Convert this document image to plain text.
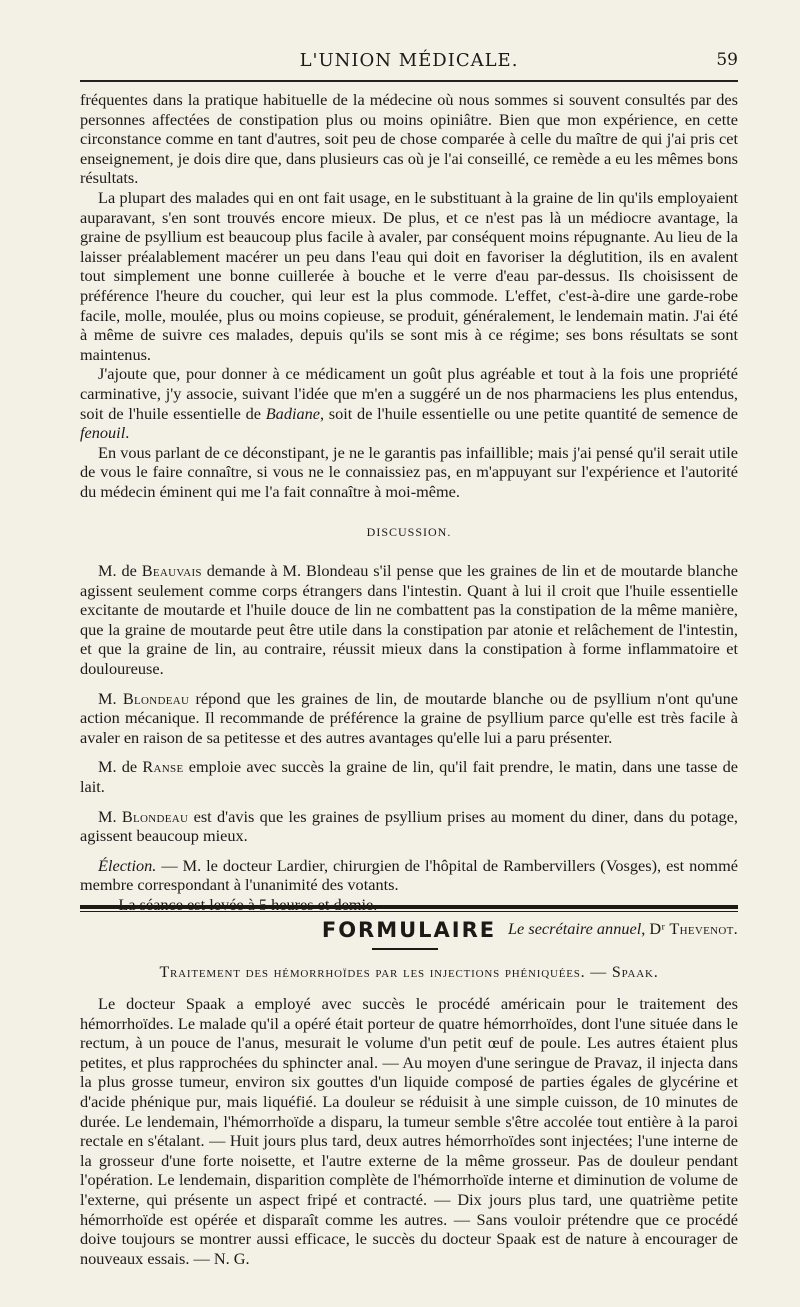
L'UNION MÉDICALE.	59

fréquentes dans la pratique habituelle de la médecine où nous sommes si souvent consultés par des personnes affectées de constipation plus ou moins opiniâtre. Bien que mon expérience, en cette circonstance comme en tant d'autres, soit peu de chose comparée à celle du maître de qui j'ai pris cet enseignement, je dois dire que, dans plusieurs cas où je l'ai conseillé, ce remède a eu les mêmes bons résultats.

La plupart des malades qui en ont fait usage, en le substituant à la graine de lin qu'ils employaient auparavant, s'en sont trouvés encore mieux. De plus, et ce n'est pas là un médiocre avantage, la graine de psyllium est beaucoup plus facile à avaler, par conséquent moins répugnante. Au lieu de la laisser préalablement macérer un peu dans l'eau qui doit en favoriser la déglutition, ils en avalent tout simplement une bonne cuillerée à bouche et le verre d'eau par-dessus. Ils choisissent de préférence l'heure du coucher, qui leur est la plus commode. L'effet, c'est-à-dire une garde-robe facile, molle, moulée, plus ou moins copieuse, se produit, généralement, le lendemain matin. J'ai été à même de suivre ces malades, depuis qu'ils se sont mis à ce régime; ses bons résultats se sont maintenus.

J'ajoute que, pour donner à ce médicament un goût plus agréable et tout à la fois une propriété carminative, j'y associe, suivant l'idée que m'en a suggéré un de nos pharmaciens les plus entendus, soit de l'huile essentielle de Badiane, soit de l'huile essentielle ou une petite quantité de semence de fenouil.

En vous parlant de ce déconstipant, je ne le garantis pas infaillible; mais j'ai pensé qu'il serait utile de vous le faire connaître, si vous ne le connaissiez pas, en m'appuyant sur l'expérience et l'autorité du médecin éminent qui me l'a fait connaître à moi-même.

DISCUSSION.

M. de Beauvais demande à M. Blondeau s'il pense que les graines de lin et de moutarde blanche agissent seulement comme corps étrangers dans l'intestin. Quant à lui il croit que l'huile essentielle excitante de moutarde et l'huile douce de lin ne combattent pas la constipation de la même manière, que la graine de moutarde peut être utile dans la constipation par atonie et relâchement de l'intestin, et que la graine de lin, au contraire, réussit mieux dans la constipation à forme inflammatoire et douloureuse.

M. Blondeau répond que les graines de lin, de moutarde blanche ou de psyllium n'ont qu'une action mécanique. Il recommande de préférence la graine de psyllium parce qu'elle est très facile à avaler en raison de sa petitesse et des autres avantages qu'elle lui a paru présenter.

M. de Ranse emploie avec succès la graine de lin, qu'il fait prendre, le matin, dans une tasse de lait.

M. Blondeau est d'avis que les graines de psyllium prises au moment du diner, dans du potage, agissent beaucoup mieux.

Élection. — M. le docteur Lardier, chirurgien de l'hôpital de Rambervillers (Vosges), est nommé membre correspondant à l'unanimité des votants.

— La séance est levée à 5 heures et demie.

Le secrétaire annuel, Dʳ Thevenot.
FORMULAIRE
Traitement des hémorrhoïdes par les injections phéniquées. — Spaak.

Le docteur Spaak a employé avec succès le procédé américain pour le traitement des hémorrhoïdes. Le malade qu'il a opéré était porteur de quatre hémorrhoïdes, dont l'une située dans le rectum, à un pouce de l'anus, mesurait le volume d'un petit œuf de poule. Les autres étaient plus petites, et plus rapprochées du sphincter anal. — Au moyen d'une seringue de Pravaz, il injecta dans la plus grosse tumeur, environ six gouttes d'un liquide composé de parties égales de glycérine et d'acide phénique pur, mais liquéfié. La douleur se réduisit à une simple cuisson, de 10 minutes de durée. Le lendemain, l'hémorrhoïde a disparu, la tumeur semble s'être accolée tout entière à la paroi rectale en s'étalant. — Huit jours plus tard, deux autres hémorrhoïdes sont injectées; l'une interne de la grosseur d'une forte noisette, et l'autre externe de la même grosseur. Pas de douleur pendant l'opération. Le lendemain, disparition complète de l'hémorrhoïde interne et diminution de volume de l'externe, qui présente un aspect fripé et contracté. — Dix jours plus tard, une quatrième petite hémorrhoïde est opérée et disparaît comme les autres. — Sans vouloir prétendre que ce procédé doive toujours se montrer aussi efficace, le succès du docteur Spaak est de nature à encourager de nouveaux essais. — N. G.
